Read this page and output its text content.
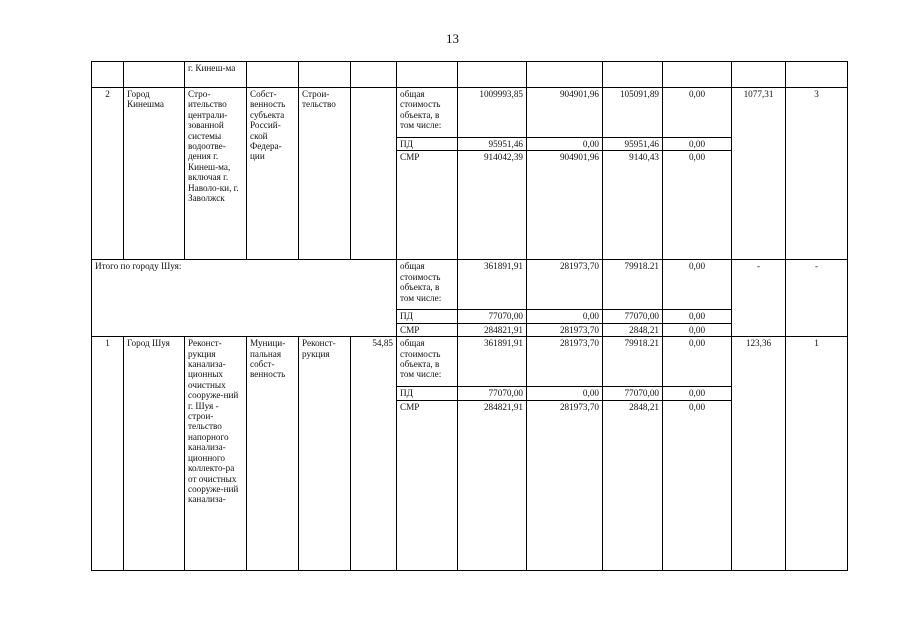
13
		г. Кинеш-ма										
2	Город Кинешма	Стро-ительство централи-зованной системы водоотве-дения г. Кинеш-ма, включая г. Наволо-ки, г. Заволжск	Собст-венность субъекта Россий-ской Федера-ции	Строи-тельство		общая стоимость объекта, в том числе:	1009993,85	904901,96	105091,89	0,00	1077,31	3
						ПД	95951,46	0,00	95951,46	0,00		
						СМР	914042,39	904901,96	9140,43	0,00		
Итого по городу Шуя:						общая стоимость объекта, в том числе:	361891,91	281973,70	79918.21	0,00	-	-
						ПД	77070,00	0,00	77070,00	0,00		
						СМР	284821,91	281973,70	2848,21	0,00		
1	Город Шуя	Реконст-рукция канализа-ционных очистных сооруже-ний г. Шуя - строи-тельство напорного канализа-ционного коллекто-ра от очистных сооруже-ний канализа-	Муници-пальная собст-венность	Реконст-рукция	54,85	общая стоимость объекта, в том числе:	361891,91	281973,70	79918.21	0,00	123,36	1
						ПД	77070,00	0,00	77070,00	0,00		
						СМР	284821,91	281973,70	2848,21	0,00		
